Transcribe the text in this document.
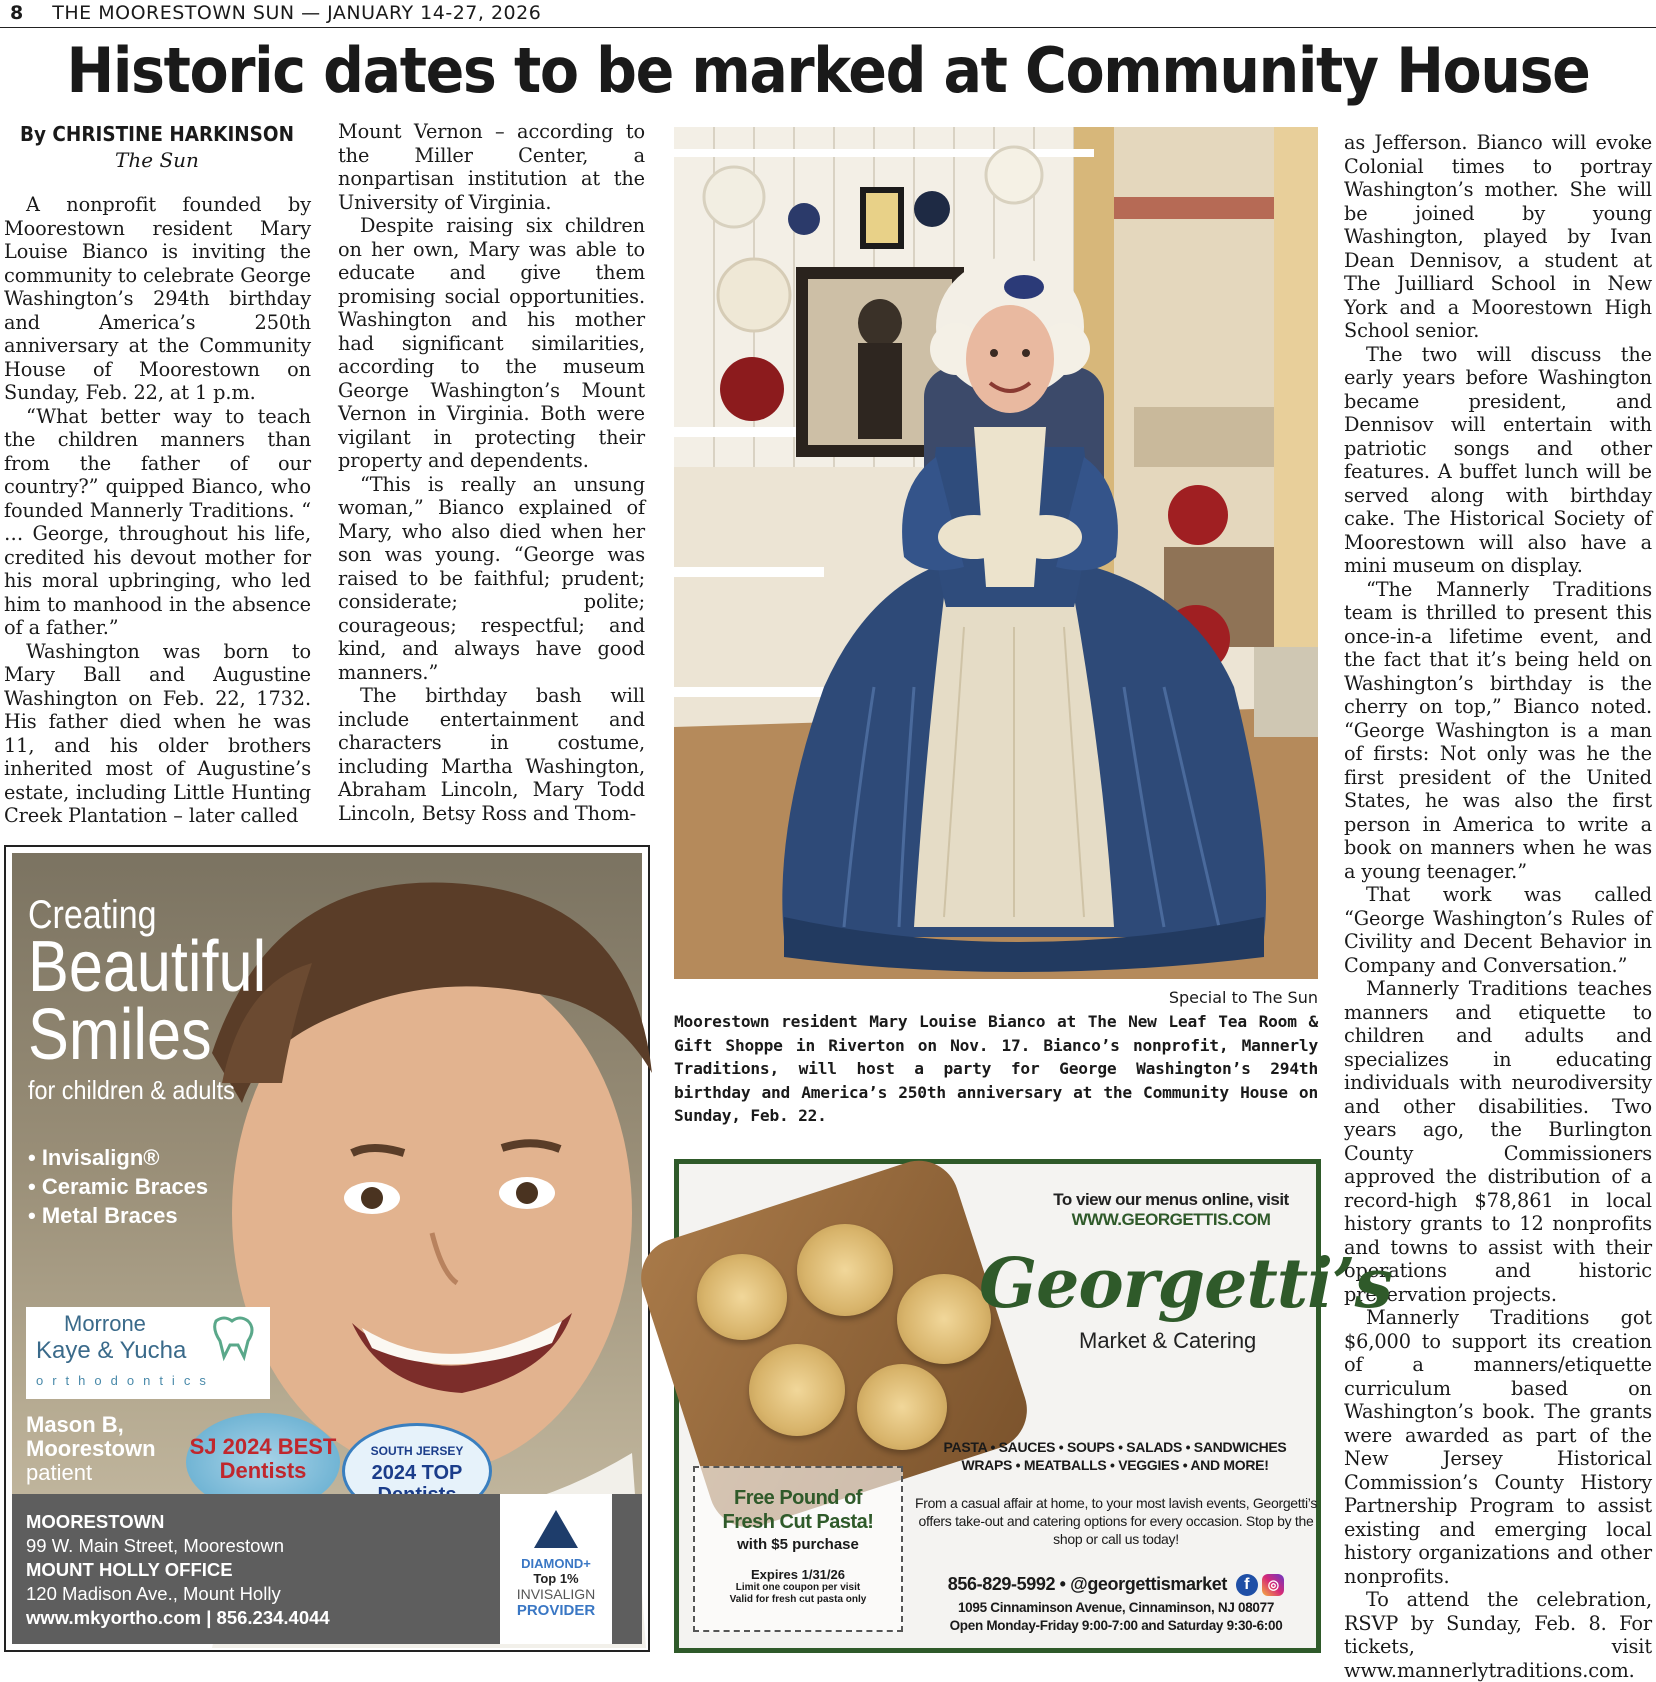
8 THE MOORESTOWN SUN — JANUARY 14-27, 2026
Historic dates to be marked at Community House
By CHRISTINE HARKINSON
The Sun

A nonprofit founded by Moorestown resident Mary Louise Bianco is inviting the community to celebrate George Washington’s 294th birthday and America’s 250th anniversary at the Community House of Moorestown on Sunday, Feb. 22, at 1 p.m.

“What better way to teach the children manners than from the father of our country?” quipped Bianco, who founded Mannerly Traditions. “ … George, throughout his life, credited his devout mother for his moral upbringing, who led him to manhood in the absence of a father.”

Washington was born to Mary Ball and Augustine Washington on Feb. 22, 1732. His father died when he was 11, and his older brothers inherited most of Augustine’s estate, including Little Hunting Creek Plantation – later called

Mount Vernon – according to the Miller Center, a nonpartisan institution at the University of Virginia.

Despite raising six children on her own, Mary was able to educate and give them promising social opportunities. Washington and his mother had significant similarities, according to the museum George Washington’s Mount Vernon in Virginia. Both were vigilant in protecting their property and dependents.

“This is really an unsung woman,” Bianco explained of Mary, who also died when her son was young. “George was raised to be faithful; prudent; considerate; polite; courageous; respectful; and kind, and always have good manners.”

The birthday bash will include entertainment and characters in costume, including Martha Washington, Abraham Lincoln, Mary Todd Lincoln, Betsy Ross and Thom-

as Jefferson. Bianco will evoke Colonial times to portray Washington’s mother. She will be joined by young Washington, played by Ivan Dean Dennisov, a student at The Juilliard School in New York and a Moorestown High School senior.

The two will discuss the early years before Washington became president, and Dennisov will entertain with patriotic songs and other features. A buffet lunch will be served along with birthday cake. The Historical Society of Moorestown will also have a mini museum on display.

“The Mannerly Traditions team is thrilled to present this once-in-a lifetime event, and the fact that it’s being held on Washington’s birthday is the cherry on top,” Bianco noted. “George Washington is a man of firsts: Not only was he the first president of the United States, he was also the first person in America to write a book on manners when he was a young teenager.”

That work was called “George Washington’s Rules of Civility and Decent Behavior in Company and Conversation.”

Mannerly Traditions teaches manners and etiquette to children and adults and specializes in educating individuals with neurodiversity and other disabilities. Two years ago, the Burlington County Commissioners approved the distribution of a record-high $78,861 in local history grants to 12 nonprofits and towns to assist with their operations and historic preservation projects.

Mannerly Traditions got $6,000 to support its creation of a manners/etiquette curriculum based on Washington’s book. The grants were awarded as part of the New Jersey Historical Commission’s County History Partnership Program to assist existing and emerging local history organizations and other nonprofits.

To attend the celebration, RSVP by Sunday, Feb. 8. For tickets, visit www.mannerlytraditions.com.

Special to The Sun
Moorestown resident Mary Louise Bianco at The New Leaf Tea Room & Gift Shoppe in Riverton on Nov. 17. Bianco’s nonprofit, Mannerly Traditions, will host a party for George Washington’s 294th birthday and America’s 250th anniversary at the Community House on Sunday, Feb. 22.
Creating
Beautiful
Smiles
for children & adults
• Invisalign®
• Ceramic Braces
• Metal Braces
Morrone
Kaye & Yucha
orthodontics
Mason B,
Moorestown
patient
SJ 2024 BEST
Dentists
SOUTH JERSEY
2024 TOP
MOORESTOWN
99 W. Main Street, Moorestown
MOUNT HOLLY OFFICE
120 Madison Ave., Mount Holly
www.mkyortho.com | 856.234.4044
DIAMOND+
Top 1%
INVISALIGN
PROVIDER
To view our menus online, visit
WWW.GEORGETTIS.COM
Georgetti’s
Market & Catering
PASTA • SAUCES • SOUPS • SALADS • SANDWICHES
WRAPS • MEATBALLS • VEGGIES • AND MORE!
Free Pound of
Fresh Cut Pasta!
with $5 purchase
Expires 1/31/26
Limit one coupon per visit
Valid for fresh cut pasta only
From a casual affair at home, to your most lavish events, Georgetti’s offers take-out and catering options for every occasion. Stop by the shop or call us today!
856-829-5992 • @georgettismarket f ◎
1095 Cinnaminson Avenue, Cinnaminson, NJ 08077
Open Monday-Friday 9:00-7:00 and Saturday 9:30-6:00
